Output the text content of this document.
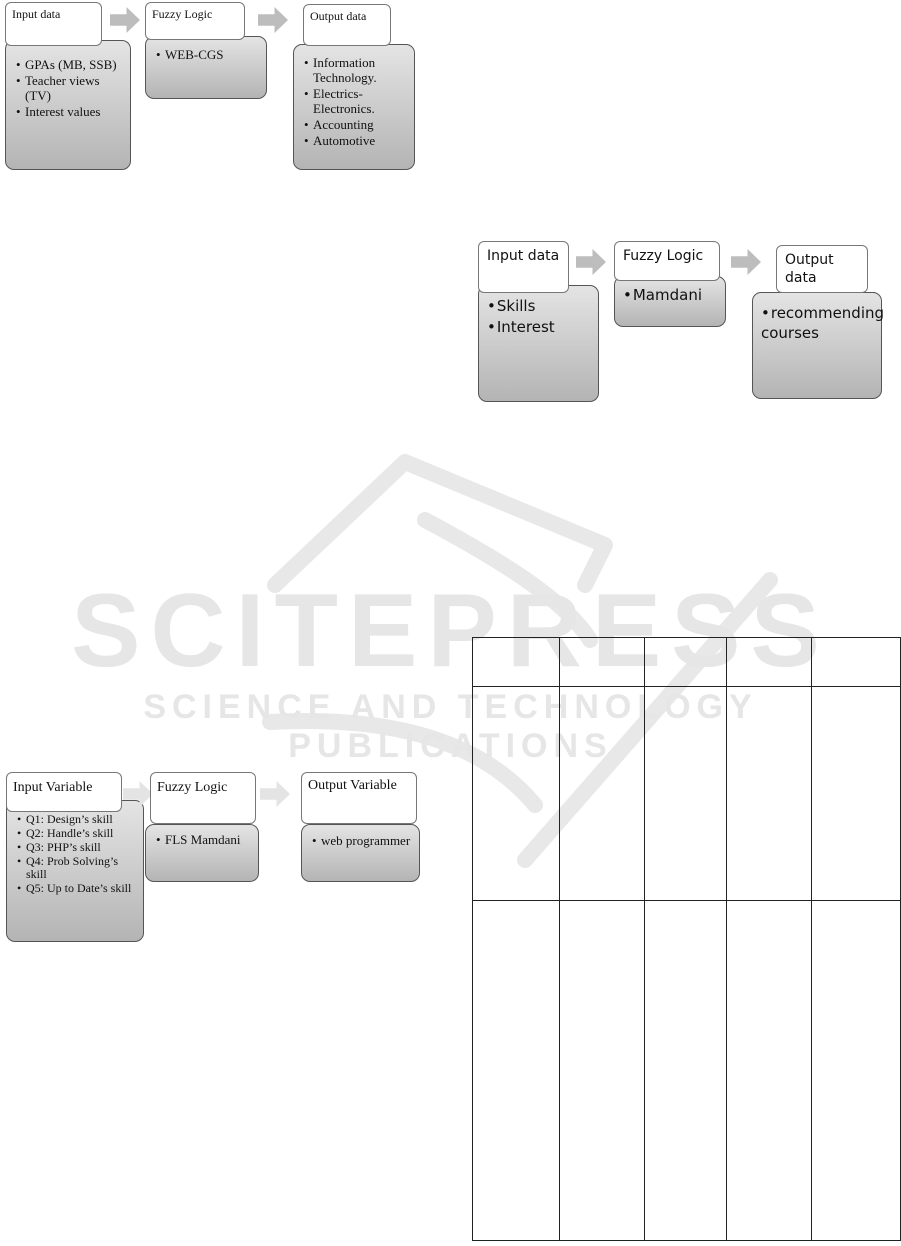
SCITEPRESS
SCIENCE AND TECHNOLOGY PUBLICATIONS
• GPAs (MB, SSB)
• Teacher views (TV)
• Interest values
Input data
• WEB-CGS
Fuzzy Logic
• Information Technology.
• Electrics-Electronics.
• Accounting
• Automotive
Output data
• Skills
• Interest
Input data
• Mamdani
Fuzzy Logic
• recommending courses
Output data
• Q1: Design’s skill
• Q2: Handle’s skill
• Q3: PHP’s skill
• Q4: Prob Solving’s skill
• Q5: Up to Date’s skill
Input Variable
• FLS Mamdani
Fuzzy Logic
• web programmer
Output Variable
